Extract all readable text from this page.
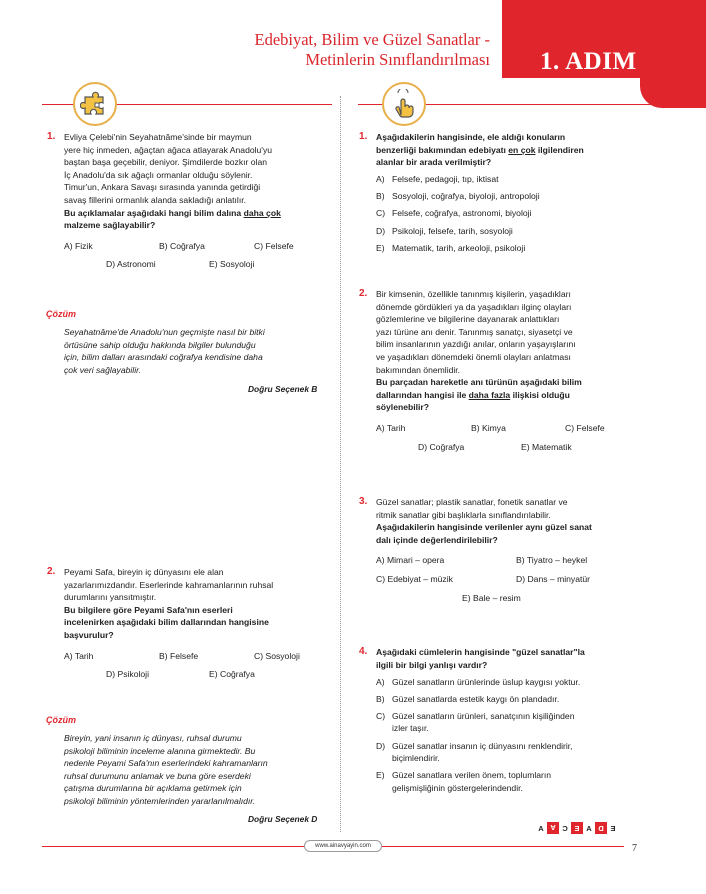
Edebiyat, Bilim ve Güzel Sanatlar -
Metinlerin Sınıflandırılması 1. ADIM
1. Evliya Çelebi'nin Seyahatnâme'sinde bir maymun

yere hiç inmeden, ağaçtan ağaca atlayarak Anadolu'yu

baştan başa geçebilir, deniyor. Şimdilerde bozkır olan

İç Anadolu'da sık ağaçlı ormanlar olduğu söylenir.

Timur'un, Ankara Savaşı sırasında yanında getirdiği

savaş fillerini ormanlık alanda sakladığı anlatılır.

Bu açıklamalar aşağıdaki hangi bilim dalına daha çok

malzeme sağlayabilir?

A) Fizik	B) Coğrafya	C) Felsefe
D) Astronomi	E) Sosyoloji
Çözüm

Seyahatnâme'de Anadolu'nun geçmişte nasıl bir bitki

örtüsüne sahip olduğu hakkında bilgiler bulunduğu

için, bilim dalları arasındaki coğrafya kendisine daha

çok veri sağlayabilir.

Doğru Seçenek B
2. Peyami Safa, bireyin iç dünyasını ele alan

yazarlarımızdandır. Eserlerinde kahramanlarının ruhsal

durumlarını yansıtmıştır.

Bu bilgilere göre Peyami Safa'nın eserleri

incelenirken aşağıdaki bilim dallarından hangisine

başvurulur?

A) Tarih	B) Felsefe	C) Sosyoloji
D) Psikoloji	E) Coğrafya
Çözüm

Bireyin, yani insanın iç dünyası, ruhsal durumu

psikoloji biliminin inceleme alanına girmektedir. Bu

nedenle Peyami Safa'nın eserlerindeki kahramanların

ruhsal durumunu anlamak ve buna göre eserdeki

çatışma durumlarına bir açıklama getirmek için

psikoloji biliminin yöntemlerinden yararlanılmalıdır.

Doğru Seçenek D
1. Aşağıdakilerin hangisinde, ele aldığı konuların

benzerliği bakımından edebiyatı en çok ilgilendiren

alanlar bir arada verilmiştir?

A) Felsefe, pedagoji, tıp, iktisat
B) Sosyoloji, coğrafya, biyoloji, antropoloji
C) Felsefe, coğrafya, astronomi, biyoloji
D) Psikoloji, felsefe, tarih, sosyoloji
E) Matematik, tarih, arkeoloji, psikoloji
2. Bir kimsenin, özellikle tanınmış kişilerin, yaşadıkları

dönemde gördükleri ya da yaşadıkları ilginç olayları

gözlemlerine ve bilgilerine dayanarak anlattıkları

yazı türüne anı denir. Tanınmış sanatçı, siyasetçi ve

bilim insanlarının yazdığı anılar, onların yaşayışlarını

ve yaşadıkları dönemdeki önemli olayları anlatması

bakımından önemlidir.

Bu parçadan hareketle anı türünün aşağıdaki bilim

dallarından hangisi ile daha fazla ilişkisi olduğu

söylenebilir?

A) Tarih	B) Kimya	C) Felsefe
D) Coğrafya	E) Matematik
3. Güzel sanatlar; plastik sanatlar, fonetik sanatlar ve

ritmik sanatlar gibi başlıklarla sınıflandırılabilir.

Aşağıdakilerin hangisinde verilenler aynı güzel sanat

dalı içinde değerlendirilebilir?

A) Mimari – opera	B) Tiyatro – heykel
C) Edebiyat – müzik	D) Dans – minyatür
E) Bale – resim
4. Aşağıdaki cümlelerin hangisinde "güzel sanatlar"la

ilgili bir bilgi yanlışı vardır?

A) Güzel sanatların ürünlerinde üslup kaygısı yoktur.
B) Güzel sanatlarda estetik kaygı ön plandadır.
C) Güzel sanatların ürünleri, sanatçının kişiliğinden
izler taşır.
D) Güzel sanatlar insanın iç dünyasını renklendirir,
biçimlendirir.
E) Güzel sanatlara verilen önem, toplumların
gelişmişliğinin göstergelerindendir.
A A C E A D E
www.ainavyayin.com	7
